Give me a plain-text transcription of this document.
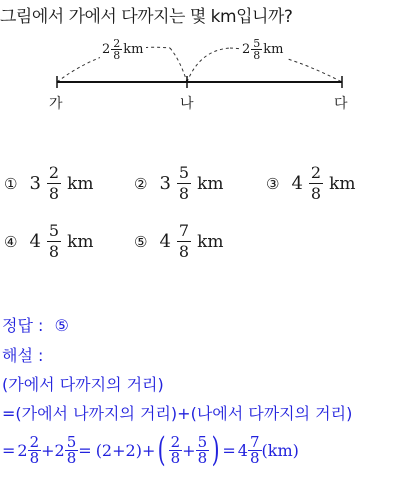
그림에서 가에서 다까지는 몇 km입니까?
$2 \frac{2}{8}$ km	$2 \frac{5}{8}$ km
가	나	다
① $3 \frac{2}{8}$ km	② $3 \frac{5}{8}$ km	③ $4 \frac{2}{8}$ km
④ $4 \frac{5}{8}$ km	⑤ $4 \frac{7}{8}$ km
정답 : ⑤
해설 :
(가에서 다까지의 거리)
=(가에서 나까지의 거리)+(나에서 다까지의 거리)
= $2 \frac{2}{8} + 2 \frac{5}{8} = (2+2)+$ ( $\frac{2}{8} + \frac{5}{8}$ ) = $4 \frac{7}{8} (km)$
